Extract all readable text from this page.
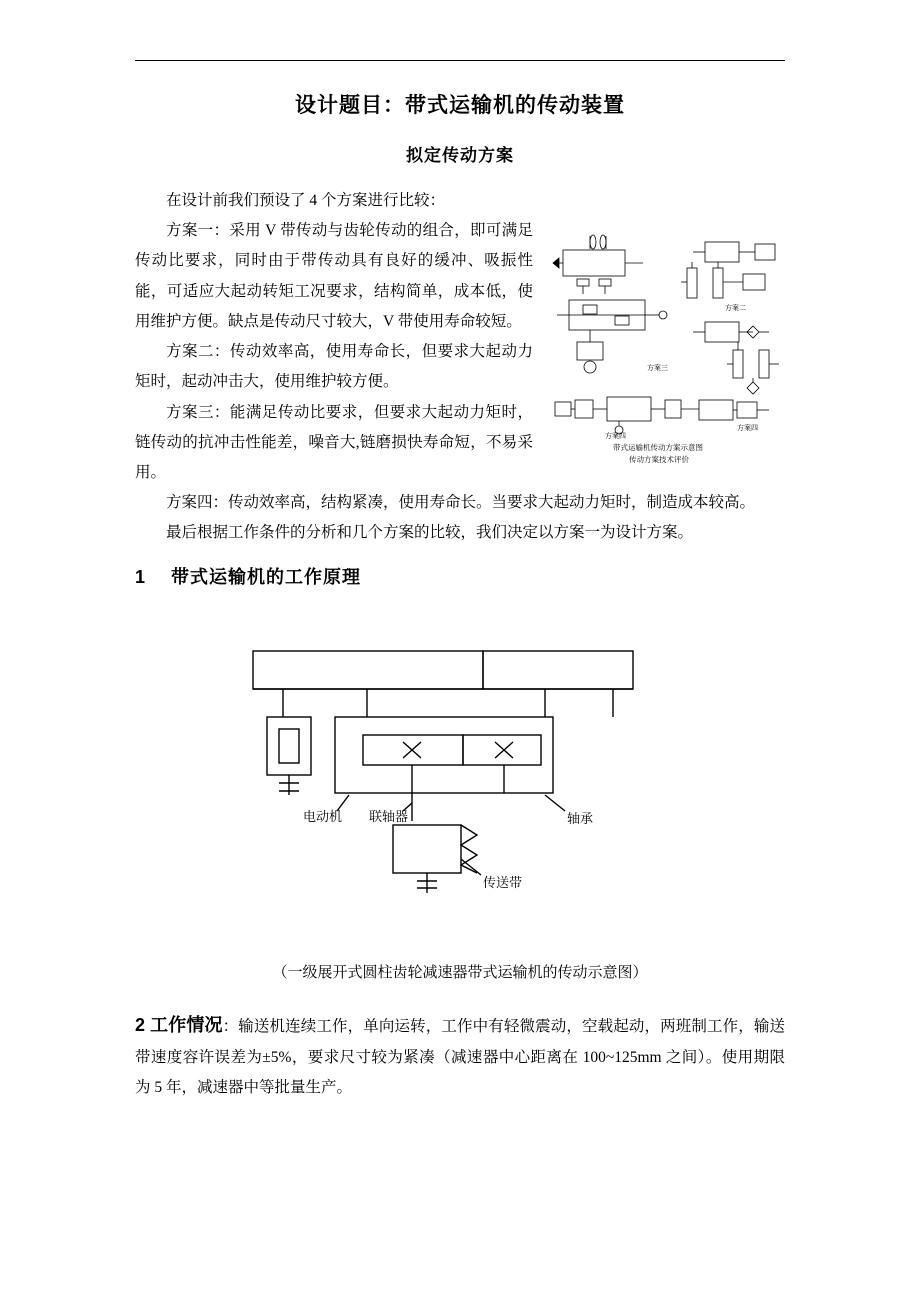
设计题目：带式运输机的传动装置
拟定传动方案

在设计前我们预设了 4 个方案进行比较：

方案二
方案三
方案四
方案四
带式运输机传动方案示意图
传动方案技术评价

方案一：采用 V 带传动与齿轮传动的组合，即可满足传动比要求，同时由于带传动具有良好的缓冲、吸振性能，可适应大起动转矩工况要求，结构简单，成本低，使用维护方便。缺点是传动尺寸较大，V 带使用寿命较短。

方案二：传动效率高，使用寿命长，但要求大起动力矩时，起动冲击大，使用维护较方便。

方案三：能满足传动比要求，但要求大起动力矩时，链传动的抗冲击性能差，噪音大,链磨损快寿命短，不易采用。

方案四：传动效率高，结构紧凑，使用寿命长。当要求大起动力矩时，制造成本较高。

最后根据工作条件的分析和几个方案的比较，我们决定以方案一为设计方案。

1 带式运输机的工作原理
电动机 联轴器	轴承
传送带

（一级展开式圆柱齿轮减速器带式运输机的传动示意图）

2 工作情况：输送机连续工作，单向运转，工作中有轻微震动，空载起动，两班制工作，输送带速度容许误差为±5%，要求尺寸较为紧凑（减速器中心距离在 100~125mm 之间）。使用期限为 5 年，减速器中等批量生产。
